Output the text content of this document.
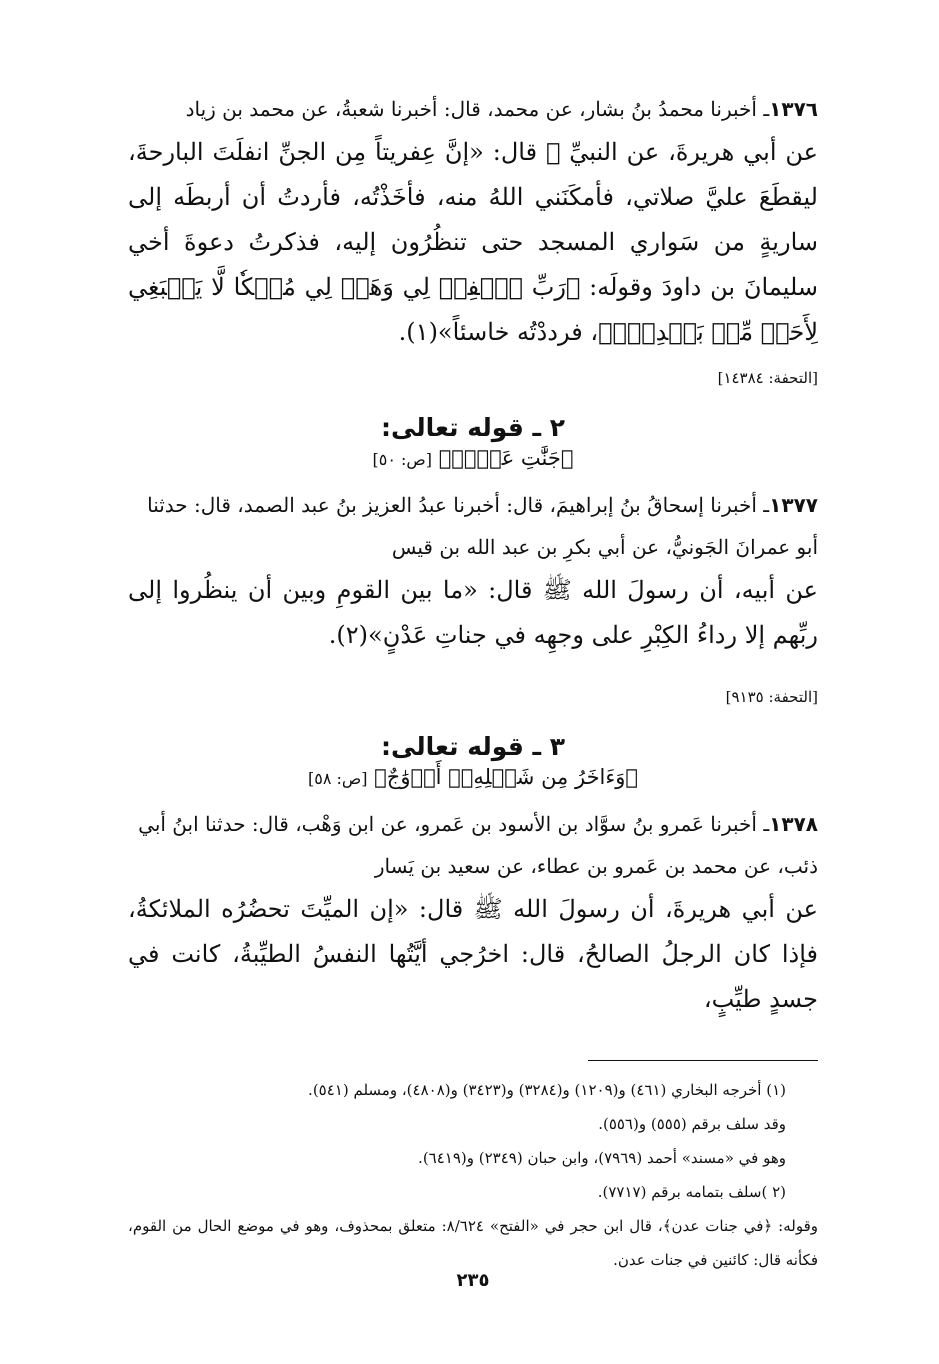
١٣٧٦ـ أخبرنا محمدُ بنُ بشار، عن محمد، قال: أخبرنا شعبةُ، عن محمد بن زياد

عن أبي هريرةَ، عن النبيِّ ﷺ قال: «إنَّ عِفريتاً مِن الجنِّ انفلَتَ البارحةَ، ليقطَعَ عليَّ صلاتي، فأمكَنَني اللهُ منه، فأخَذْتُه، فأردتُ أن أربطَه إلى ساريةٍ من سَواري المسجد حتى تنظُرُون إليه، فذكرتُ دعوةَ أخي سليمانَ بن داودَ وقولَه: ﴿رَبِّ ٱغۡفِرۡ لِي وَهَبۡ لِي مُلۡكٗا لَّا يَنۢبَغِي لِأَحَدٖ مِّنۢ بَعۡدِيٓۖ﴾، فرددْتُه خاسئاً»(١).

[التحفة: ١٤٣٨٤]

٢ ـ قوله تعالى:
﴿جَنَّٰتِ عَدۡنٖ﴾ [ص: ٥٠]

١٣٧٧ـ أخبرنا إسحاقُ بنُ إبراهيمَ، قال: أخبرنا عبدُ العزيز بنُ عبد الصمد، قال: حدثنا أبو عمرانَ الجَونيُّ، عن أبي بكرِ بن عبد الله بن قيس

عن أبيه، أن رسولَ الله ﷺ قال: «ما بين القومِ وبين أن ينظُروا إلى ربِّهم إلا رداءُ الكِبْرِ على وجهِه في جناتِ عَدْنٍ»(٢).

[التحفة: ٩١٣٥]

٣ ـ قوله تعالى:
﴿وَءَاخَرُ مِن شَكۡلِهِۦٓ أَزۡوَٰجٌ﴾ [ص: ٥٨]

١٣٧٨ـ أخبرنا عَمرو بنُ سوَّاد بن الأسود بن عَمرو، عن ابن وَهْب، قال: حدثنا ابنُ أبي ذئب، عن محمد بن عَمرو بن عطاء، عن سعيد بن يَسار

عن أبي هريرةَ، أن رسولَ الله ﷺ قال: «إن الميِّتَ تحضُرُه الملائكةُ، فإذا كان الرجلُ الصالحُ، قال: اخرُجي أيَّتُها النفسُ الطيِّبةُ، كانت في جسدٍ طيِّبٍ،

(١) أخرجه البخاري (٤٦١) و(١٢٠٩) و(٣٢٨٤) و(٣٤٢٣) و(٤٨٠٨)، ومسلم (٥٤١).

وقد سلف برقم (٥٥٥) و(٥٥٦).

وهو في «مسند» أحمد (٧٩٦٩)، وابن حبان (٢٣٤٩) و(٦٤١٩).

(٢ )سلف بتمامه برقم (٧٧١٧).

وقوله: ﴿في جنات عدن﴾، قال ابن حجر في «الفتح» ٨/٦٢٤: متعلق بمحذوف، وهو في موضع الحال من القوم، فكأنه قال: كائنين في جنات عدن.

٢٣٥
